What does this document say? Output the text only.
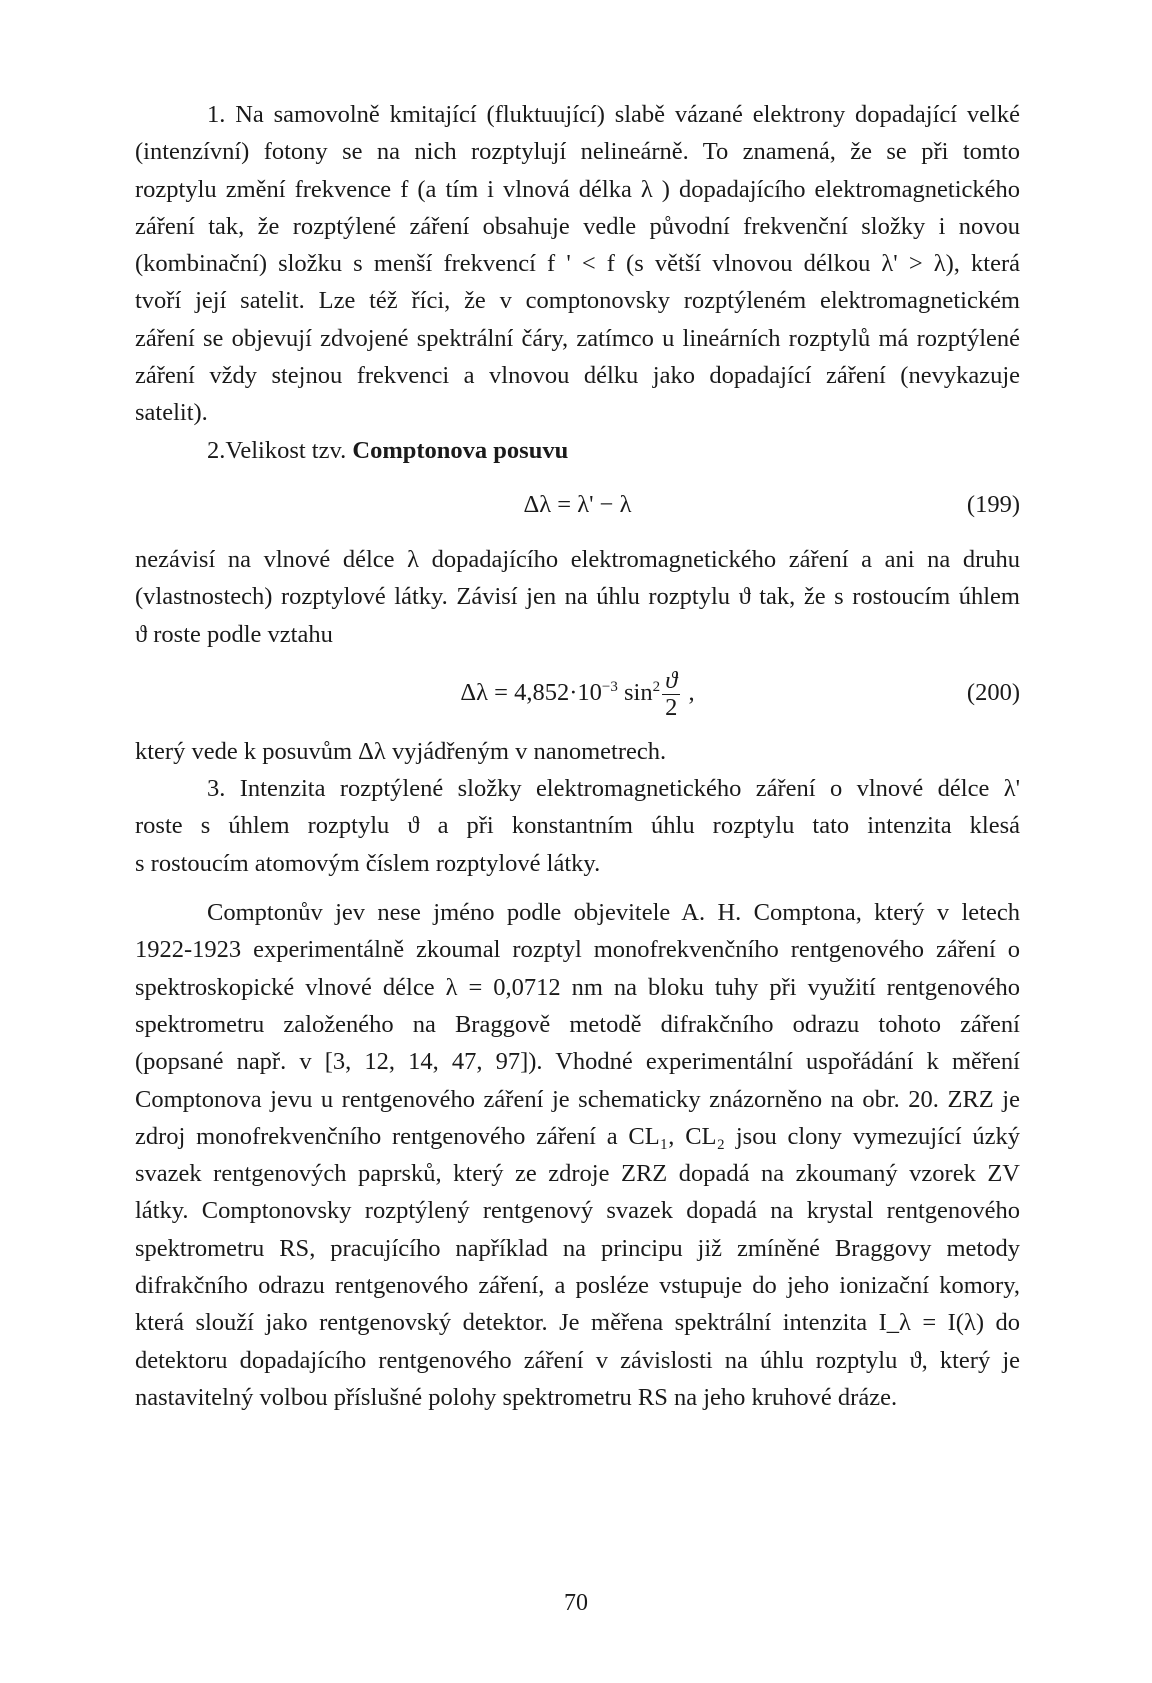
1. Na samovolně kmitající (fluktuující) slabě vázané elektrony dopadající velké

(intenzívní) fotony se na nich rozptylují nelineárně. To znamená, že se při tomto

rozptylu změní frekvence f (a tím i vlnová délka λ ) dopadajícího elektromagnetického

záření tak, že rozptýlené záření obsahuje vedle původní frekvenční složky i novou

(kombinační) složku s menší frekvencí f ' < f (s větší vlnovou délkou λ' > λ), která

tvoří její satelit. Lze též říci, že v comptonovsky rozptýleném elektromagnetickém

záření se objevují zdvojené spektrální čáry, zatímco u lineárních rozptylů má rozptýlené

záření vždy stejnou frekvenci a vlnovou délku jako dopadající záření (nevykazuje

satelit).

2.Velikost tzv. Comptonova posuvu

Δλ = λ' − λ	(199)

nezávisí na vlnové délce λ dopadajícího elektromagnetického záření a ani na druhu

(vlastnostech) rozptylové látky. Závisí jen na úhlu rozptylu ϑ tak, že s rostoucím úhlem

ϑ roste podle vztahu

$\Delta\lambda = 4,852\cdot 10^{-3}$ $\sin^2 \frac{ϑ}{2}$ ,	(200)

který vede k posuvům Δλ vyjádřeným v nanometrech.

3. Intenzita rozptýlené složky elektromagnetického záření o vlnové délce λ'

roste s úhlem rozptylu ϑ a při konstantním úhlu rozptylu tato intenzita klesá

s rostoucím atomovým číslem rozptylové látky.

Comptonův jev nese jméno podle objevitele A. H. Comptona, který v letech

1922-1923 experimentálně zkoumal rozptyl monofrekvenčního rentgenového záření o

spektroskopické vlnové délce λ = 0,0712 nm na bloku tuhy při využití rentgenového

spektrometru založeného na Braggově metodě difrakčního odrazu tohoto záření

(popsané např. v [3, 12, 14, 47, 97]). Vhodné experimentální uspořádání k měření

Comptonova jevu u rentgenového záření je schematicky znázorněno na obr. 20. ZRZ je

zdroj monofrekvenčního rentgenového záření a CL₁, CL₂ jsou clony vymezující úzký

svazek rentgenových paprsků, který ze zdroje ZRZ dopadá na zkoumaný vzorek ZV

látky. Comptonovsky rozptýlený rentgenový svazek dopadá na krystal rentgenového

spektrometru RS, pracujícího například na principu již zmíněné Braggovy metody

difrakčního odrazu rentgenového záření, a posléze vstupuje do jeho ionizační komory,

která slouží jako rentgenovský detektor. Je měřena spektrální intenzita I_λ = I(λ) do

detektoru dopadajícího rentgenového záření v závislosti na úhlu rozptylu ϑ, který je

nastavitelný volbou příslušné polohy spektrometru RS na jeho kruhové dráze.

70
